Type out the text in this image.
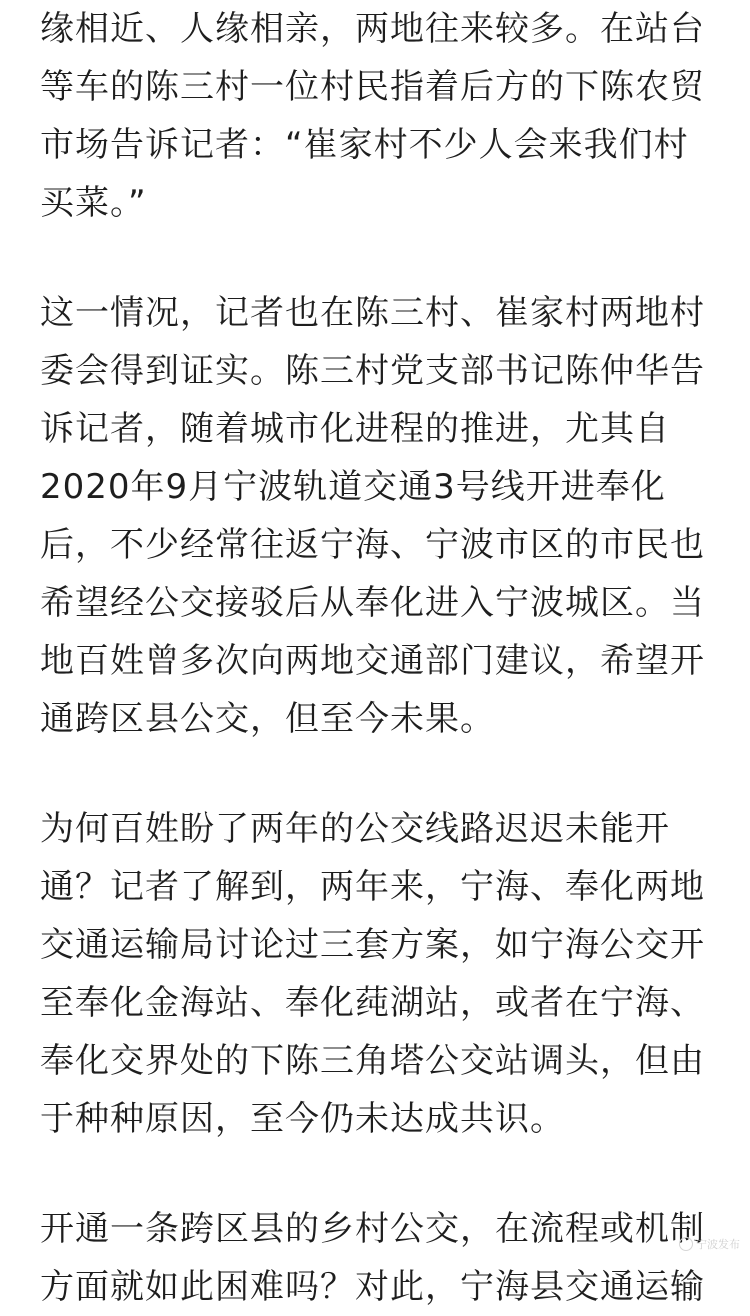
缘相近、人缘相亲，两地往来较多。在站台
等车的陈三村一位村民指着后方的下陈农贸
市场告诉记者：“崔家村不少人会来我们村
买菜。”
这一情况，记者也在陈三村、崔家村两地村
委会得到证实。陈三村党支部书记陈仲华告
诉记者，随着城市化进程的推进，尤其自
2020年9月宁波轨道交通3号线开进奉化
后，不少经常往返宁海、宁波市区的市民也
希望经公交接驳后从奉化进入宁波城区。当
地百姓曾多次向两地交通部门建议，希望开
通跨区县公交，但至今未果。
为何百姓盼了两年的公交线路迟迟未能开
通？记者了解到，两年来，宁海、奉化两地
交通运输局讨论过三套方案，如宁海公交开
至奉化金海站、奉化莼湖站，或者在宁海、
奉化交界处的下陈三角塔公交站调头，但由
于种种原因，至今仍未达成共识。
开通一条跨区县的乡村公交，在流程或机制
方面就如此困难吗？对此，宁海县交通运输
宁波发布
